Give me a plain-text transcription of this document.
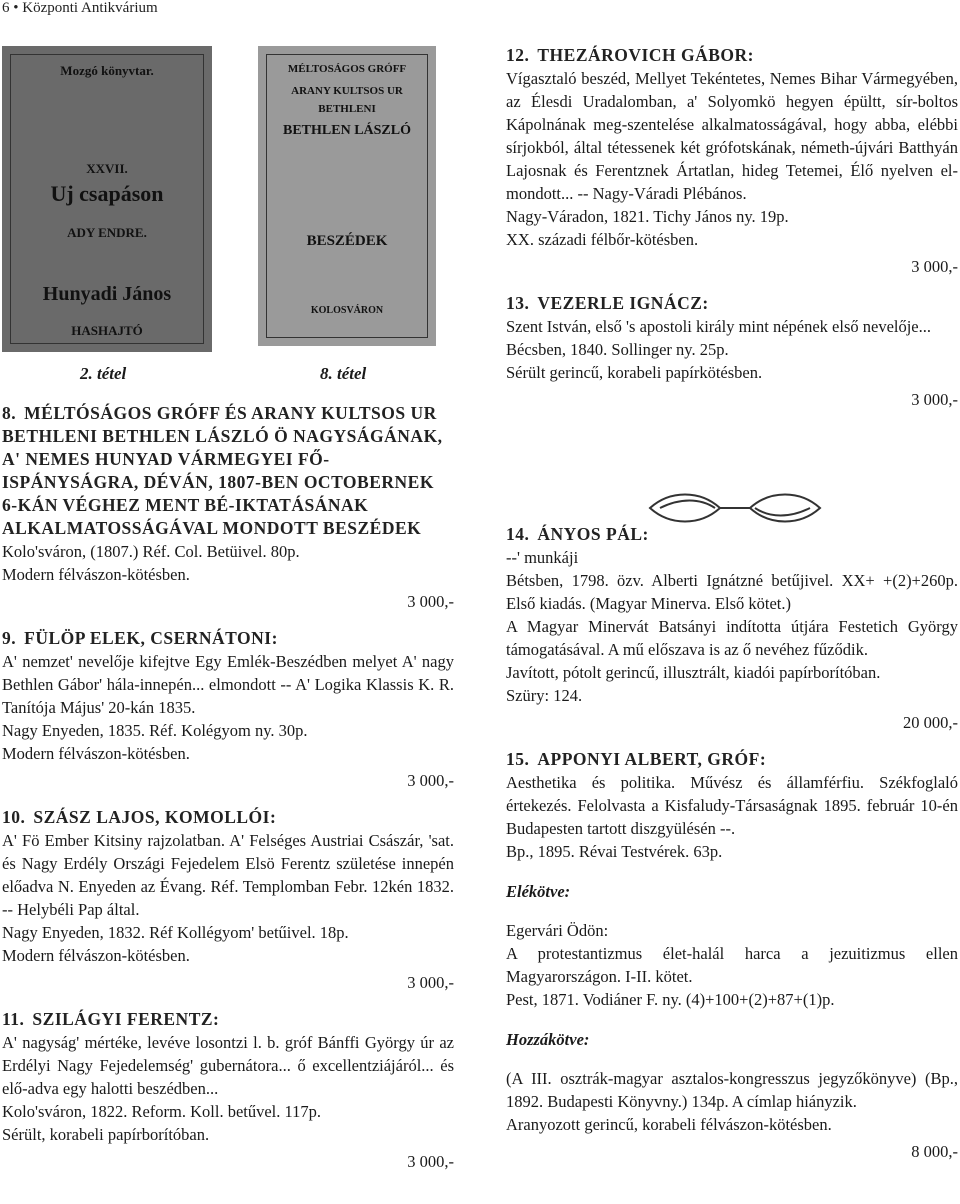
6 • Központi Antikvárium
Mozgó könyvtar.
XXVII.
Uj csapáson
ADY ENDRE.
Hunyadi János
HASHAJTÓ
MÉLTOSÁGOS GRÓFF
ARANY KULTSOS UR
BETHLENI
BETHLEN LÁSZLÓ
BESZÉDEK
KOLOSVÁRON
2. tétel	8. tétel

8. MÉLTÓSÁGOS GRÓFF ÉS ARANY KULTSOS UR BETHLENI BETHLEN LÁSZLÓ Ö NAGYSÁGÁNAK, A' NEMES HUNYAD VÁRMEGYEI FŐ-ISPÁNYSÁGRA, DÉVÁN, 1807-BEN OCTOBERNEK 6-KÁN VÉGHEZ MENT BÉ-IKTATÁSÁNAK ALKALMATOSSÁGÁVAL MONDOTT BESZÉDEK

Kolo'sváron, (1807.) Réf. Col. Betüivel. 80p.

Modern félvászon-kötésben.

3 000,-

9. FÜLÖP ELEK, CSERNÁTONI:

A' nemzet' nevelője kifejtve Egy Emlék-Beszédben melyet A' nagy Bethlen Gábor' hála-innepén... elmondott -- A' Logika Klassis K. R. Tanítója Május' 20-kán 1835.

Nagy Enyeden, 1835. Réf. Kolégyom ny. 30p.

Modern félvászon-kötésben.

3 000,-

10. SZÁSZ LAJOS, KOMOLLÓI:

A' Fö Ember Kitsiny rajzolatban. A' Felséges Austriai Császár, 'sat. és Nagy Erdély Országi Fejedelem Elsö Ferentz születése innepén előadva N. Enyeden az Évang. Réf. Templomban Febr. 12kén 1832. -- Helybéli Pap által.

Nagy Enyeden, 1832. Réf Kollégyom' betűivel. 18p.

Modern félvászon-kötésben.

3 000,-

11. SZILÁGYI FERENTZ:

A' nagyság' mértéke, levéve losontzi l. b. gróf Bánffi György úr az Erdélyi Nagy Fejedelemség' gubernátora... ő excellentziájáról... és elő-adva egy halotti beszédben...

Kolo'sváron, 1822. Reform. Koll. betűvel. 117p.

Sérült, korabeli papírborítóban.

3 000,-

12. THEZÁROVICH GÁBOR:

Vígasztaló beszéd, Mellyet Tekéntetes, Nemes Bihar Vármegyében, az Élesdi Uradalomban, a' Solyomkö hegyen épültt, sír-boltos Kápolnának meg-szentelése alkalmatosságával, hogy abba, elébbi sírjokból, által tétessenek két grófotskának, németh-újvári Batthyán Lajosnak és Ferentznek Ártatlan, hideg Tetemei, Élő nyelven el-mondott... -- Nagy-Váradi Plébános.

Nagy-Váradon, 1821. Tichy János ny. 19p.

XX. századi félbőr-kötésben.

3 000,-

13. VEZERLE IGNÁCZ:

Szent István, első 's apostoli király mint népének első nevelője...

Bécsben, 1840. Sollinger ny. 25p.

Sérült gerincű, korabeli papírkötésben.

3 000,-

14. ÁNYOS PÁL:

--' munkáji

Bétsben, 1798. özv. Alberti Ignátzné betűjivel. XX+ +(2)+260p. Első kiadás. (Magyar Minerva. Első kötet.)

A Magyar Minervát Batsányi indította útjára Festetich György támogatásával. A mű előszava is az ő nevéhez fűződik.

Javított, pótolt gerincű, illusztrált, kiadói papírborítóban.

Szüry: 124.

20 000,-

15. APPONYI ALBERT, GRÓF:

Aesthetika és politika. Művész és államférfiu. Székfoglaló értekezés. Felolvasta a Kisfaludy-Társaságnak 1895. február 10-én Budapesten tartott diszgyülésén --.

Bp., 1895. Révai Testvérek. 63p.

Elékötve:

Egervári Ödön:

A protestantizmus élet-halál harca a jezuitizmus ellen Magyarországon. I-II. kötet.

Pest, 1871. Vodiáner F. ny. (4)+100+(2)+87+(1)p.

Hozzákötve:

(A III. osztrák-magyar asztalos-kongresszus jegyzőkönyve) (Bp., 1892. Budapesti Könyvny.) 134p. A címlap hiányzik.

Aranyozott gerincű, korabeli félvászon-kötésben.

8 000,-
